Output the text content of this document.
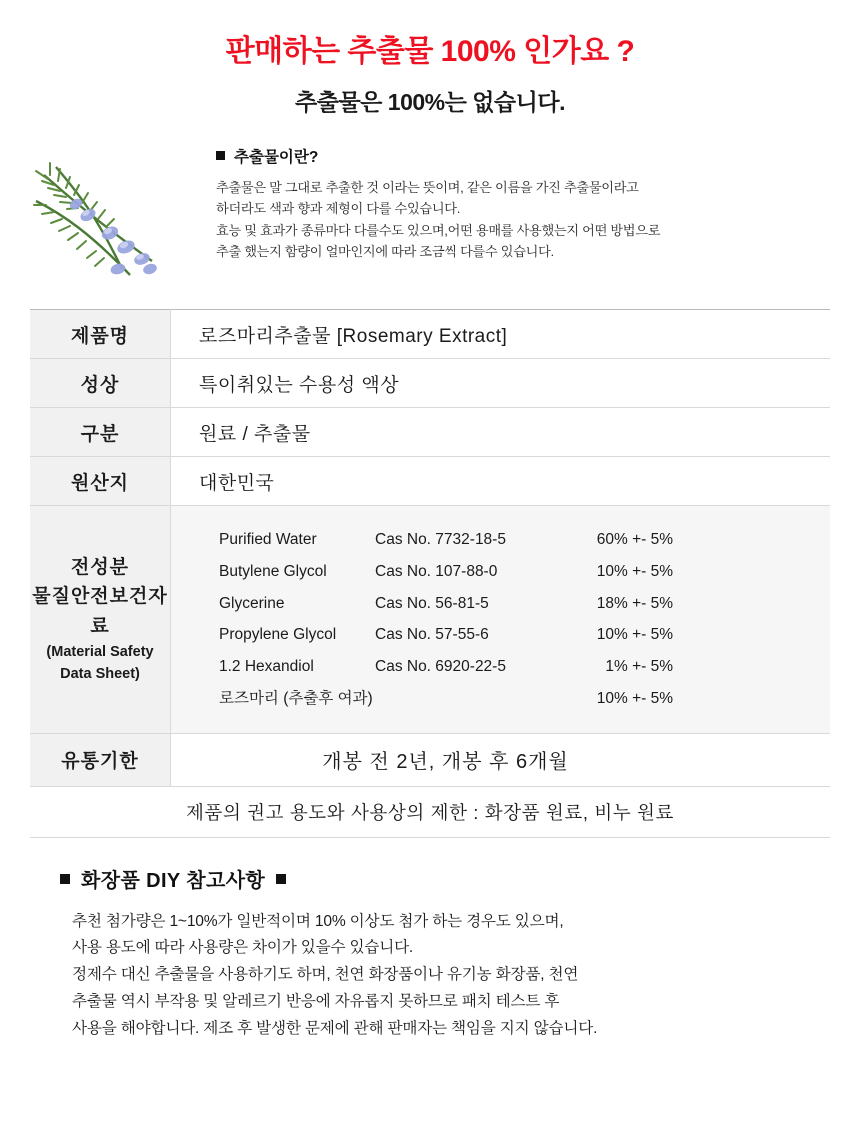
판매하는 추출물 100% 인가요 ?
추출물은 100%는 없습니다.
추출물이란?
추출물은 말 그대로 추출한 것 이라는 뜻이며, 같은 이름을 가진 추출물이라고
하더라도 색과 향과 제형이 다를 수있습니다.
효능 및 효과가 종류마다 다를수도 있으며,어떤 용매를 사용했는지 어떤 방법으로
추출 했는지 함량이 얼마인지에 따라 조금씩 다를수 있습니다.
제품명	로즈마리추출물 [Rosemary Extract]
성상	특이취있는 수용성 액상
구분	원료 / 추출물
원산지	대한민국

전성분
물질안전보건자료
(Material Safety Data Sheet)

Purified Water	Cas No. 7732-18-5	60% +- 5%
Butylene Glycol	Cas No. 107-88-0	10% +- 5%
Glycerine	Cas No. 56-81-5	18% +- 5%
Propylene Glycol	Cas No. 57-55-6	10% +- 5%
1.2 Hexandiol	Cas No. 6920-22-5	1% +- 5%
로즈마리 (추출후 여과)	10% +- 5%

유통기한	개봉 전 2년, 개봉 후 6개월
제품의 권고 용도와 사용상의 제한 : 화장품 원료, 비누 원료	
화장품 DIY 참고사항
추천 첨가량은 1~10%가 일반적이며 10% 이상도 첨가 하는 경우도 있으며,
사용 용도에 따라 사용량은 차이가 있을수 있습니다.
정제수 대신 추출물을 사용하기도 하며, 천연 화장품이나 유기농 화장품, 천연
추출물 역시 부작용 및 알레르기 반응에 자유롭지 못하므로 패치 테스트 후
사용을 해야합니다. 제조 후 발생한 문제에 관해 판매자는 책임을 지지 않습니다.
